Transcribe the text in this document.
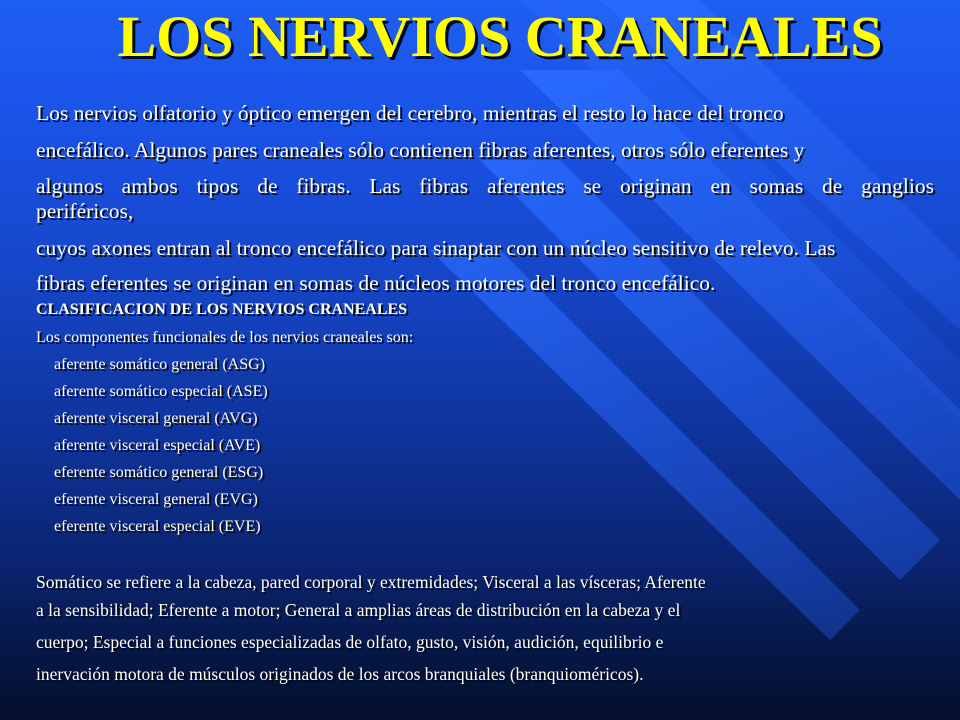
LOS NERVIOS CRANEALES

Los nervios olfatorio y óptico emergen del cerebro, mientras el resto lo hace del tronco

encefálico. Algunos pares craneales sólo contienen fibras aferentes, otros sólo eferentes y

algunos ambos tipos de fibras. Las fibras aferentes se originan en somas de ganglios

periféricos,

cuyos axones entran al tronco encefálico para sinaptar con un núcleo sensitivo de relevo. Las

fibras eferentes se originan en somas de núcleos motores del tronco encefálico.

CLASIFICACION DE LOS NERVIOS CRANEALES

Los componentes funcionales de los nervios craneales son:

aferente somático general (ASG)

aferente somático especial (ASE)

aferente visceral general (AVG)

aferente visceral especial (AVE)

eferente somático general (ESG)

eferente visceral general (EVG)

eferente visceral especial (EVE)

Somático se refiere a la cabeza, pared corporal y extremidades; Visceral a las vísceras; Aferente

a la sensibilidad; Eferente a motor; General a amplias áreas de distribución en la cabeza y el

cuerpo; Especial a funciones especializadas de olfato, gusto, visión, audición, equilibrio e

inervación motora de músculos originados de los arcos branquiales (branquioméricos).
